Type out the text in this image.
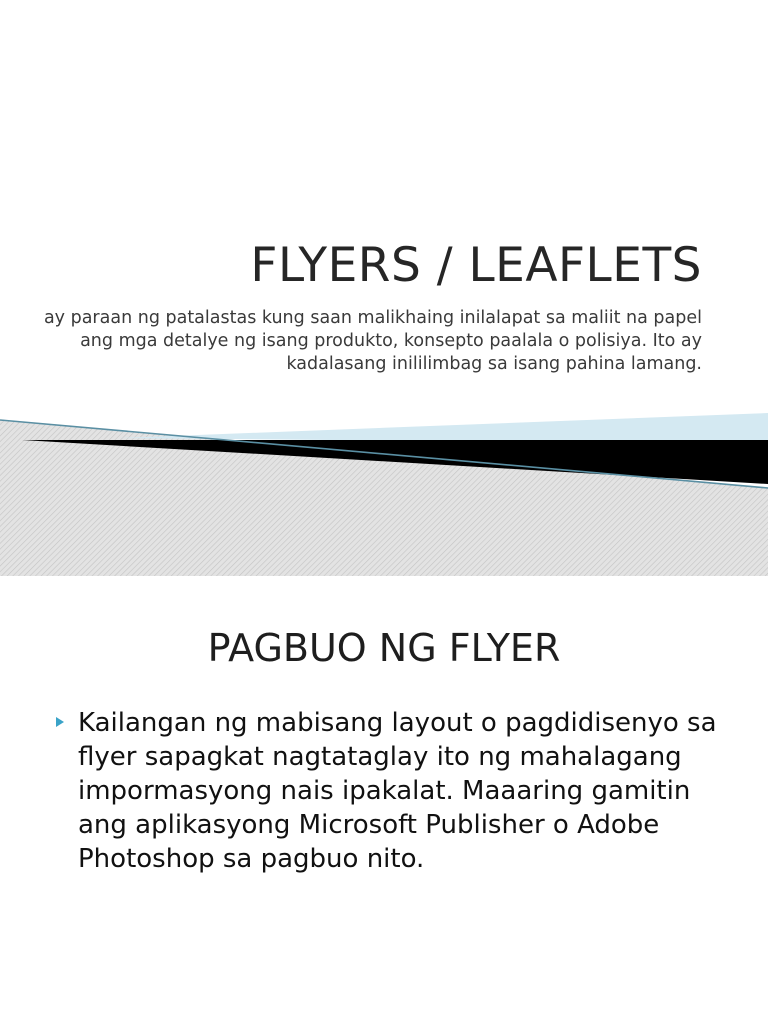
FLYERS / LEAFLETS

ay paraan ng patalastas kung saan malikhaing inilalapat sa maliit na papel ang mga detalye ng isang produkto, konsepto paalala o polisiya. Ito ay kadalasang inililimbag sa isang pahina lamang.

PAGBUO NG FLYER
Kailangan ng mabisang layout o pagdidisenyo sa flyer sapagkat nagtataglay ito ng mahalagang impormasyong nais ipakalat. Maaaring gamitin ang aplikasyong Microsoft Publisher o Adobe Photoshop sa pagbuo nito.
